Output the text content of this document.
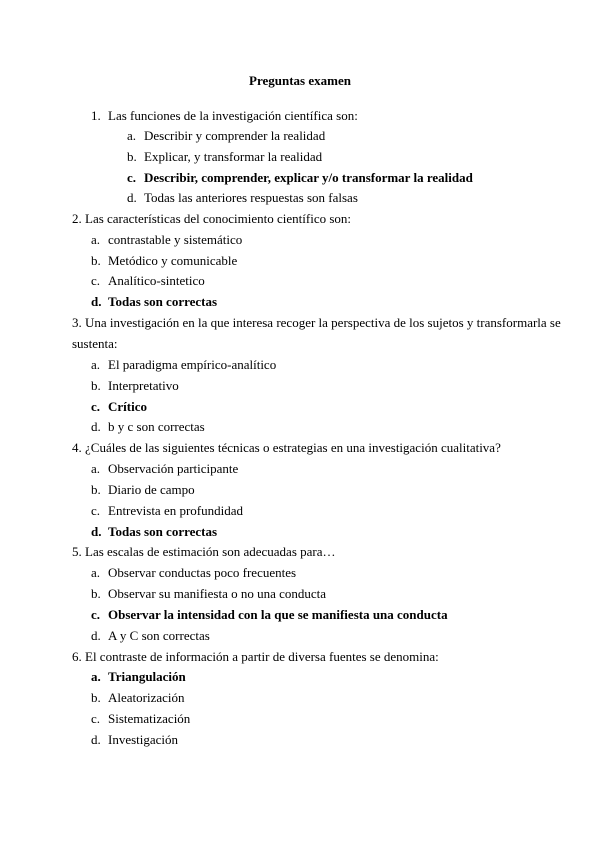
Preguntas examen
1. Las funciones de la investigación científica son:
a. Describir y comprender la realidad
b. Explicar, y transformar la realidad
c. Describir, comprender, explicar y/o transformar la realidad
d. Todas las anteriores respuestas son falsas
2. Las características del conocimiento científico son:
a. contrastable y sistemático
b. Metódico y comunicable
c. Analítico-sintetico
d. Todas son correctas
3. Una investigación en la que interesa recoger la perspectiva de los sujetos y transformarla se
sustenta:
a. El paradigma empírico-analítico
b. Interpretativo
c. Crítico
d. b y c son correctas
4. ¿Cuáles de las siguientes técnicas o estrategias en una investigación cualitativa?
a. Observación participante
b. Diario de campo
c. Entrevista en profundidad
d. Todas son correctas
5. Las escalas de estimación son adecuadas para…
a. Observar conductas poco frecuentes
b. Observar su manifiesta o no una conducta
c. Observar la intensidad con la que se manifiesta una conducta
d. A y C son correctas
6. El contraste de información a partir de diversa fuentes se denomina:
a. Triangulación
b. Aleatorización
c. Sistematización
d. Investigación
